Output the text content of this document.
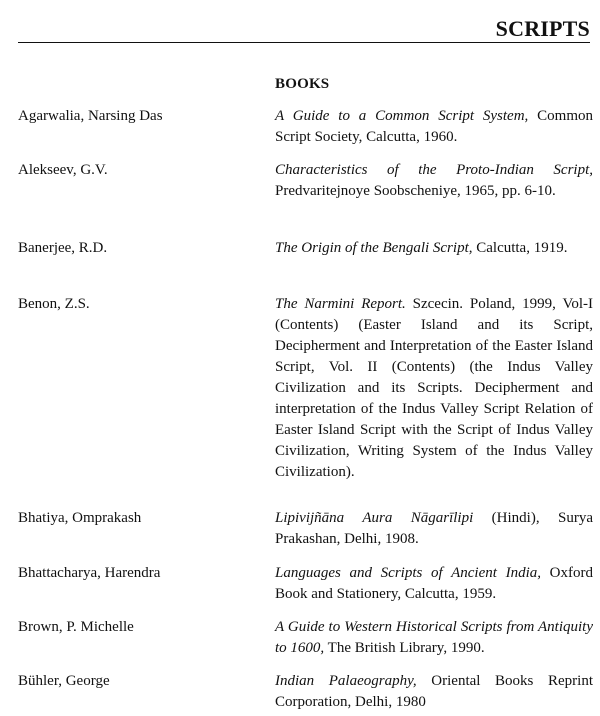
SCRIPTS
BOOKS
Agarwalia, Narsing Das	A Guide to a Common Script System, Common Script Society, Calcutta, 1960.
Alekseev, G.V.	Characteristics of the Proto-Indian Script, Predvaritejnoye Soobscheniye, 1965, pp. 6-10.
Banerjee, R.D.	The Origin of the Bengali Script, Calcutta, 1919.
Benon, Z.S.	The Narmini Report. Szcecin. Poland, 1999, Vol-I (Contents) (Easter Island and its Script, Decipherment and Interpretation of the Easter Island Script, Vol. II (Contents) (the Indus Valley Civilization and its Scripts. Decipherment and interpretation of the Indus Valley Script Relation of Easter Island Script with the Script of Indus Valley Civilization, Writing System of the Indus Valley Civilization).
Bhatiya, Omprakash	Lipivijñāna Aura Nāgarīlipi (Hindi), Surya Prakashan, Delhi, 1908.
Bhattacharya, Harendra	Languages and Scripts of Ancient India, Oxford Book and Stationery, Calcutta, 1959.
Brown, P. Michelle	A Guide to Western Historical Scripts from Antiquity to 1600, The British Library, 1990.
Bühler, George	Indian Palaeography, Oriental Books Reprint Corporation, Delhi, 1980
